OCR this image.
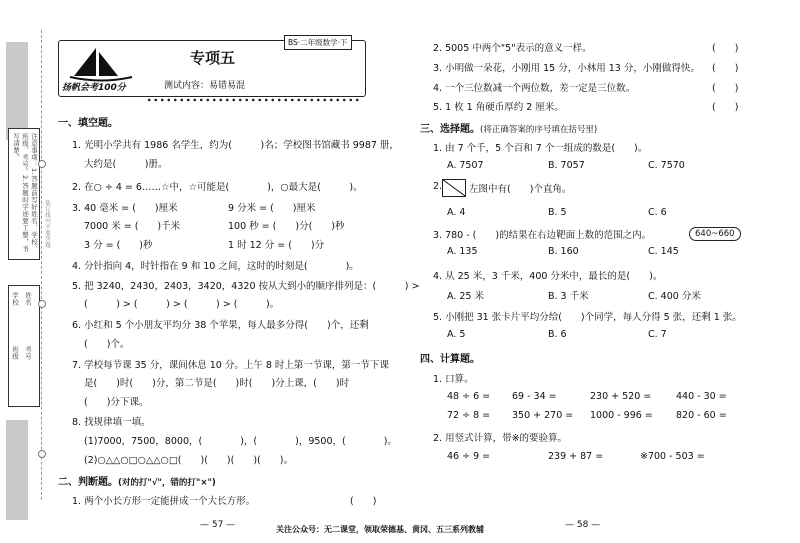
注意事项：1.答题前写好姓名、学校、班级、考号。2.答题时字迹要工整，书写清楚。
学校
班级
姓名
考号
装订线内不要答题
扬帆会考100分
BS·二年级数学·下
专项五
测试内容：易错易混
一、填空题。
1. 光明小学共有 1986 名学生，约为(　　　)名；学校图书馆藏书 9987 册，
大约是(　　　)册。
2. 在○ ÷ 4 = 6……☆中，☆可能是(　　　　)，○最大是(　　　)。
3. 40 毫米 = (　　)厘米	9 分米 = (　　)厘米
7000 米 = (　　)千米	100 秒 = (　　)分(　　)秒
3 分 = (　　)秒	1 时 12 分 = (　　)分
4. 分针指向 4，时针指在 9 和 10 之间，这时的时刻是(　　　　)。
5. 把 3240，2430，2403，3420，4320 按从大到小的顺序排列是：(　　　) >
(　　　) > (　　　) > (　　　) > (　　　)。
6. 小红和 5 个小朋友平均分 38 个苹果，每人最多分得(　　)个，还剩
(　　)个。
7. 学校每节课 35 分，课间休息 10 分。上午 8 时上第一节课，第一节下课
是(　　)时(　　)分，第二节是(　　)时(　　)分上课，(　　)时
(　　)分下课。
8. 找规律填一填。
(1)7000，7500，8000，(　　　　)，(　　　　)，9500，(　　　　)。
(2)○△△○□○△△○□(　　)(　　)(　　)(　　)。
二、判断题。(对的打"√"，错的打"×")
1. 两个小长方形一定能拼成一个大长方形。	(　　)
— 57 —
2. 5005 中两个"5"表示的意义一样。	(　　)
3. 小明做一朵花，小刚用 15 分，小林用 13 分，小刚做得快。 (　　)
4. 一个三位数减一个两位数，差一定是三位数。	(　　)
5. 1 枚 1 角硬币厚约 2 厘米。	(　　)
三、选择题。(将正确答案的序号填在括号里)
1. 由 7 个千，5 个百和 7 个一组成的数是(　　)。
A. 7507	B. 7057	C. 7570
2.	左图中有(　　)个直角。
A. 4	B. 5	C. 6
3. 780 - (　　)的结果在右边靶面上数的范围之内。	640~660
A. 135	B. 160	C. 145
4. 从 25 米，3 千米，400 分米中，最长的是(　　)。
A. 25 米	B. 3 千米	C. 400 分米
5. 小刚把 31 张卡片平均分给(　　)个同学，每人分得 5 张，还剩 1 张。
A. 5	B. 6	C. 7
四、计算题。
1. 口算。
48 ÷ 6 = 69 - 34 =	230 + 520 =	440 - 30 =
72 ÷ 8 = 350 + 270 = 1000 - 996 = 820 - 60 =
2. 用竖式计算，带※的要验算。
46 ÷ 9 =	239 + 87 =	※700 - 503 =
— 58 —
关注公众号：无二课堂，领取荣德基、黄冈、五三系列教辅
